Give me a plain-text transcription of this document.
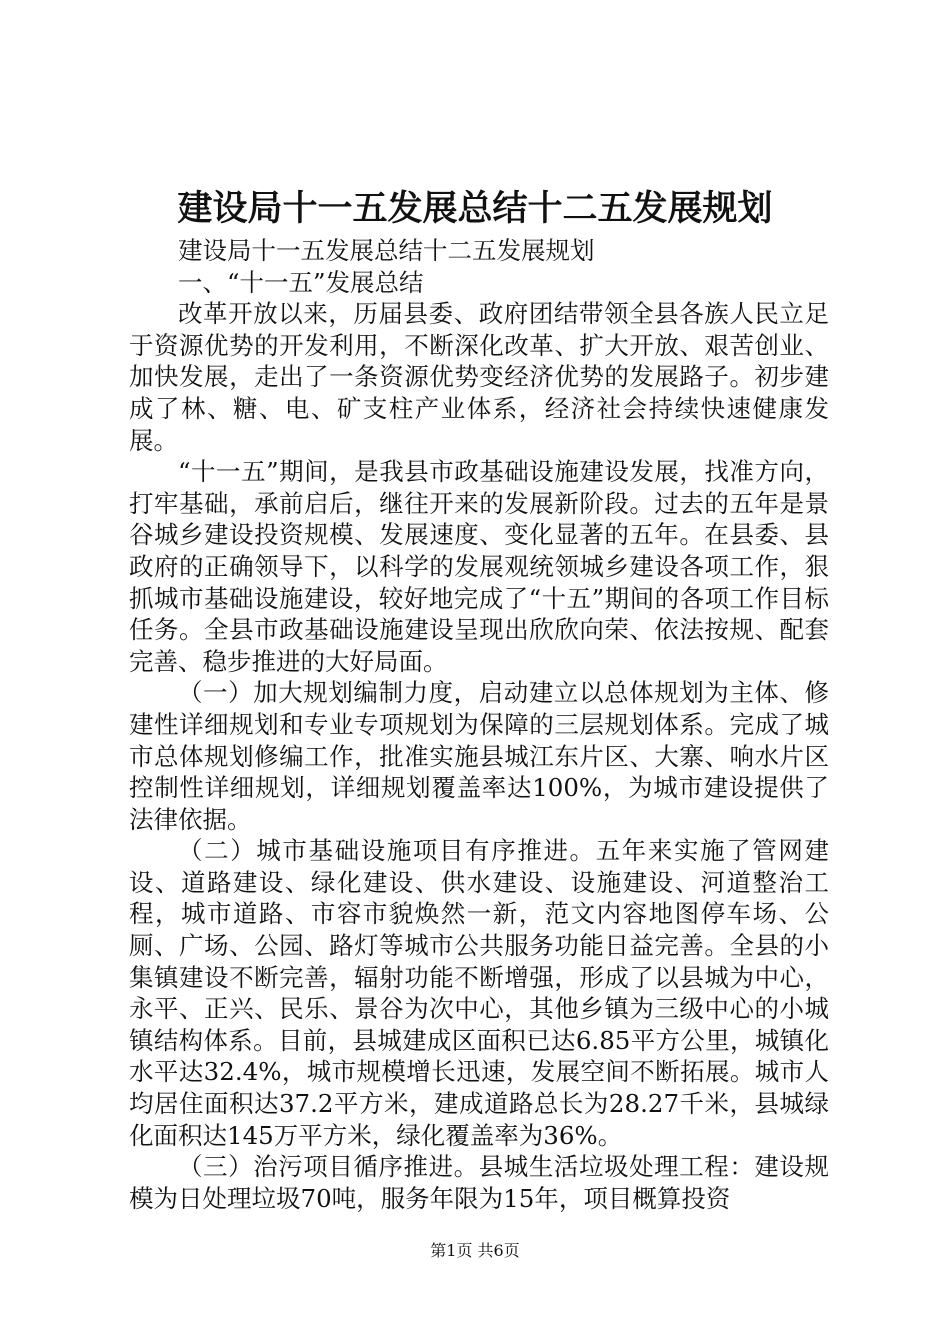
建设局十一五发展总结十二五发展规划

建设局十一五发展总结十二五发展规划

一、“十一五”发展总结

改革开放以来，历届县委、政府团结带领全县各族人民立足于资源优势的开发利用，不断深化改革、扩大开放、艰苦创业、加快发展，走出了一条资源优势变经济优势的发展路子。初步建成了林、糖、电、矿支柱产业体系，经济社会持续快速健康发展。

“十一五”期间，是我县市政基础设施建设发展，找准方向，打牢基础，承前启后，继往开来的发展新阶段。过去的五年是景谷城乡建设投资规模、发展速度、变化显著的五年。在县委、县政府的正确领导下，以科学的发展观统领城乡建设各项工作，狠抓城市基础设施建设，较好地完成了“十五”期间的各项工作目标任务。全县市政基础设施建设呈现出欣欣向荣、依法按规、配套完善、稳步推进的大好局面。

（一）加大规划编制力度，启动建立以总体规划为主体、修建性详细规划和专业专项规划为保障的三层规划体系。完成了城市总体规划修编工作，批准实施县城江东片区、大寨、响水片区控制性详细规划，详细规划覆盖率达100%，为城市建设提供了法律依据。

（二）城市基础设施项目有序推进。五年来实施了管网建设、道路建设、绿化建设、供水建设、设施建设、河道整治工程，城市道路、市容市貌焕然一新，范文内容地图停车场、公厕、广场、公园、路灯等城市公共服务功能日益完善。全县的小集镇建设不断完善，辐射功能不断增强，形成了以县城为中心，永平、正兴、民乐、景谷为次中心，其他乡镇为三级中心的小城镇结构体系。目前，县城建成区面积已达6.85平方公里，城镇化水平达32.4%，城市规模增长迅速，发展空间不断拓展。城市人均居住面积达37.2平方米，建成道路总长为28.27千米，县城绿化面积达145万平方米，绿化覆盖率为36%。

（三）治污项目循序推进。县城生活垃圾处理工程：建设规模为日处理垃圾70吨，服务年限为15年，项目概算投资

第1页 共6页
